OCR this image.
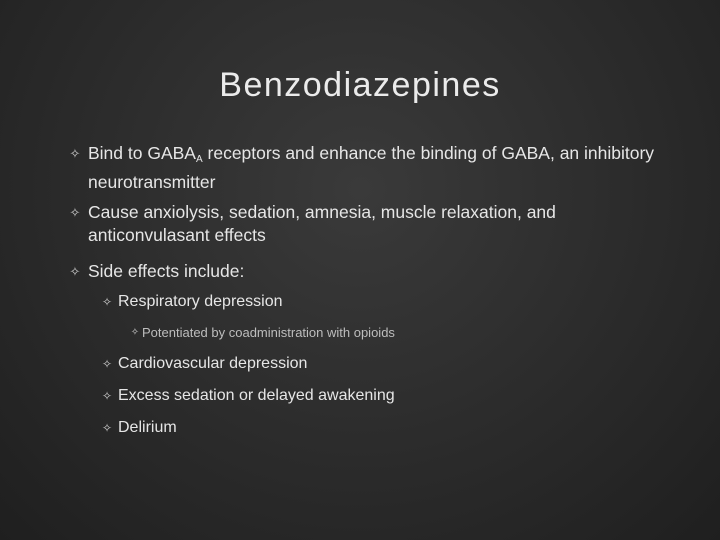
Benzodiazepines
✧ Bind to $GABA_A$ receptors and enhance the binding of GABA, an inhibitory neurotransmitter
✧ Cause anxiolysis, sedation, amnesia, muscle relaxation, and anticonvulasant effects
✧ Side effects include:
✧ Respiratory depression
✧ Potentiated by coadministration with opioids
✧ Cardiovascular depression
✧ Excess sedation or delayed awakening
✧ Delirium
